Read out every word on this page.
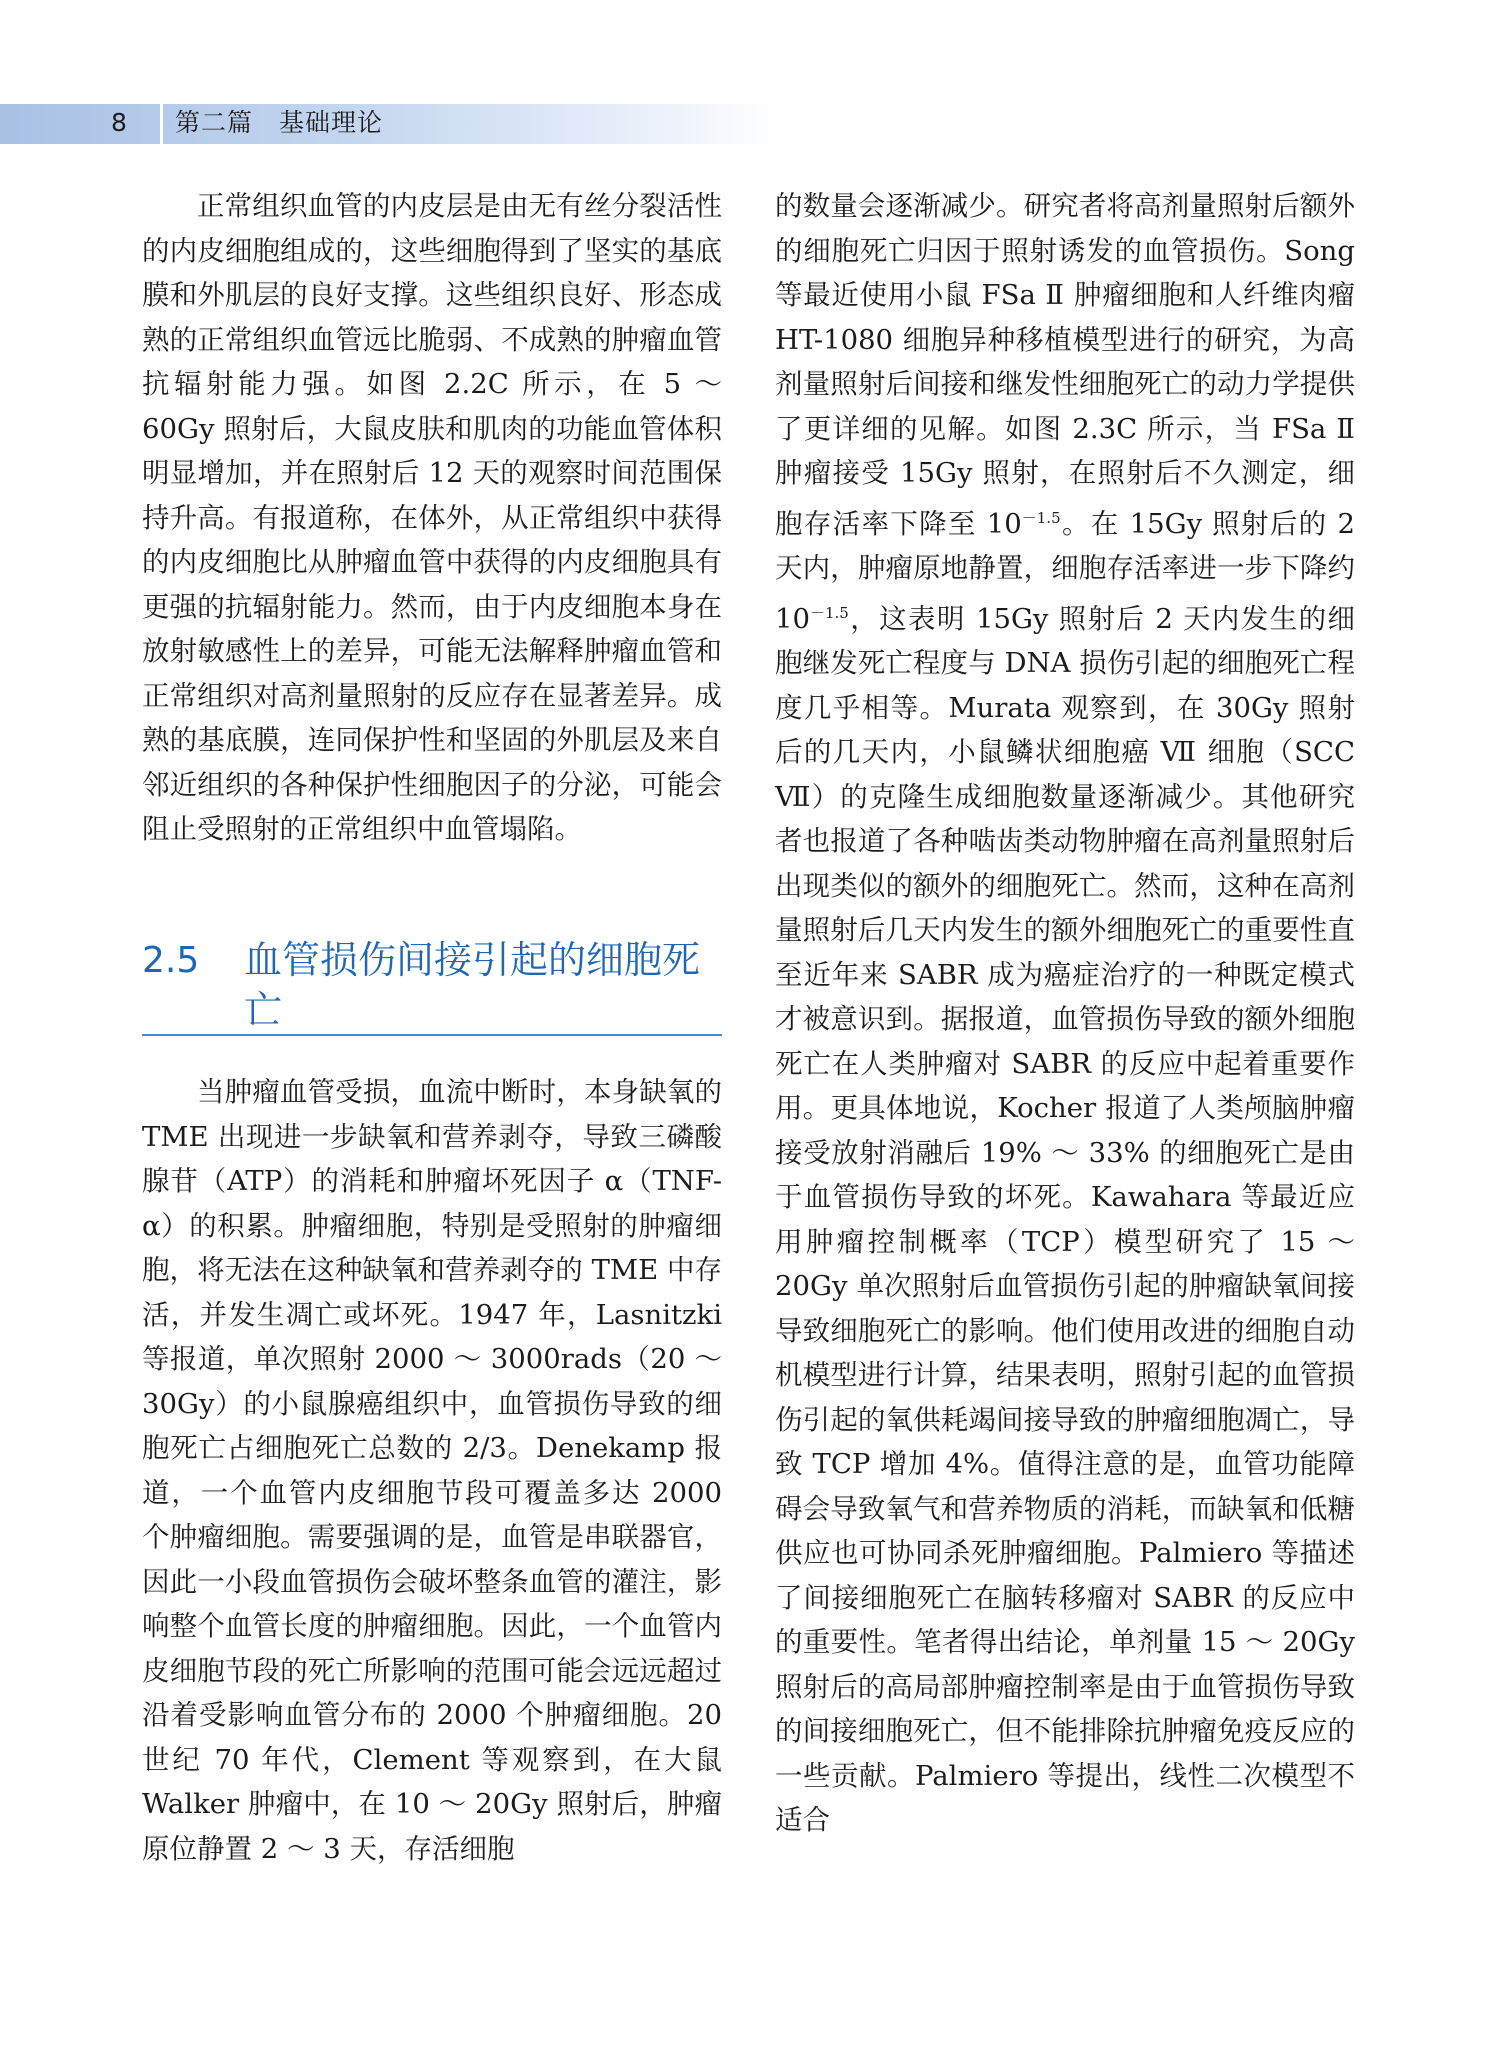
8 第二篇　基础理论

正常组织血管的内皮层是由无有丝分裂活性的内皮细胞组成的，这些细胞得到了坚实的基底膜和外肌层的良好支撑。这些组织良好、形态成熟的正常组织血管远比脆弱、不成熟的肿瘤血管抗辐射能力强。如图 2.2C 所示，在 5 ～ 60Gy 照射后，大鼠皮肤和肌肉的功能血管体积明显增加，并在照射后 12 天的观察时间范围保持升高。有报道称，在体外，从正常组织中获得的内皮细胞比从肿瘤血管中获得的内皮细胞具有更强的抗辐射能力。然而，由于内皮细胞本身在放射敏感性上的差异，可能无法解释肿瘤血管和正常组织对高剂量照射的反应存在显著差异。成熟的基底膜，连同保护性和坚固的外肌层及来自邻近组织的各种保护性细胞因子的分泌，可能会阻止受照射的正常组织中血管塌陷。

2.5 血管损伤间接引起的细胞死亡

当肿瘤血管受损，血流中断时，本身缺氧的 TME 出现进一步缺氧和营养剥夺，导致三磷酸腺苷（ATP）的消耗和肿瘤坏死因子 α（TNF-α）的积累。肿瘤细胞，特别是受照射的肿瘤细胞，将无法在这种缺氧和营养剥夺的 TME 中存活，并发生凋亡或坏死。1947 年，Lasnitzki 等报道，单次照射 2000 ～ 3000rads（20 ～ 30Gy）的小鼠腺癌组织中，血管损伤导致的细胞死亡占细胞死亡总数的 2/3。Denekamp 报道，一个血管内皮细胞节段可覆盖多达 2000 个肿瘤细胞。需要强调的是，血管是串联器官，因此一小段血管损伤会破坏整条血管的灌注，影响整个血管长度的肿瘤细胞。因此，一个血管内皮细胞节段的死亡所影响的范围可能会远远超过沿着受影响血管分布的 2000 个肿瘤细胞。20 世纪 70 年代，Clement 等观察到，在大鼠 Walker 肿瘤中，在 10 ～ 20Gy 照射后，肿瘤原位静置 2 ～ 3 天，存活细胞

的数量会逐渐减少。研究者将高剂量照射后额外的细胞死亡归因于照射诱发的血管损伤。Song 等最近使用小鼠 FSa Ⅱ 肿瘤细胞和人纤维肉瘤 HT-1080 细胞异种移植模型进行的研究，为高剂量照射后间接和继发性细胞死亡的动力学提供了更详细的见解。如图 2.3C 所示，当 FSa Ⅱ 肿瘤接受 15Gy 照射，在照射后不久测定，细胞存活率下降至 $10^{-1.5}$。在 15Gy 照射后的 2 天内，肿瘤原地静置，细胞存活率进一步下降约 $10^{-1.5}$，这表明 15Gy 照射后 2 天内发生的细胞继发死亡程度与 DNA 损伤引起的细胞死亡程度几乎相等。Murata 观察到，在 30Gy 照射后的几天内，小鼠鳞状细胞癌 Ⅶ 细胞（SCC Ⅶ）的克隆生成细胞数量逐渐减少。其他研究者也报道了各种啮齿类动物肿瘤在高剂量照射后出现类似的额外的细胞死亡。然而，这种在高剂量照射后几天内发生的额外细胞死亡的重要性直至近年来 SABR 成为癌症治疗的一种既定模式才被意识到。据报道，血管损伤导致的额外细胞死亡在人类肿瘤对 SABR 的反应中起着重要作用。更具体地说，Kocher 报道了人类颅脑肿瘤接受放射消融后 19% ～ 33% 的细胞死亡是由于血管损伤导致的坏死。Kawahara 等最近应用肿瘤控制概率（TCP）模型研究了 15 ～ 20Gy 单次照射后血管损伤引起的肿瘤缺氧间接导致细胞死亡的影响。他们使用改进的细胞自动机模型进行计算，结果表明，照射引起的血管损伤引起的氧供耗竭间接导致的肿瘤细胞凋亡，导致 TCP 增加 4%。值得注意的是，血管功能障碍会导致氧气和营养物质的消耗，而缺氧和低糖供应也可协同杀死肿瘤细胞。Palmiero 等描述了间接细胞死亡在脑转移瘤对 SABR 的反应中的重要性。笔者得出结论，单剂量 15 ～ 20Gy 照射后的高局部肿瘤控制率是由于血管损伤导致的间接细胞死亡，但不能排除抗肿瘤免疫反应的一些贡献。Palmiero 等提出，线性二次模型不适合
